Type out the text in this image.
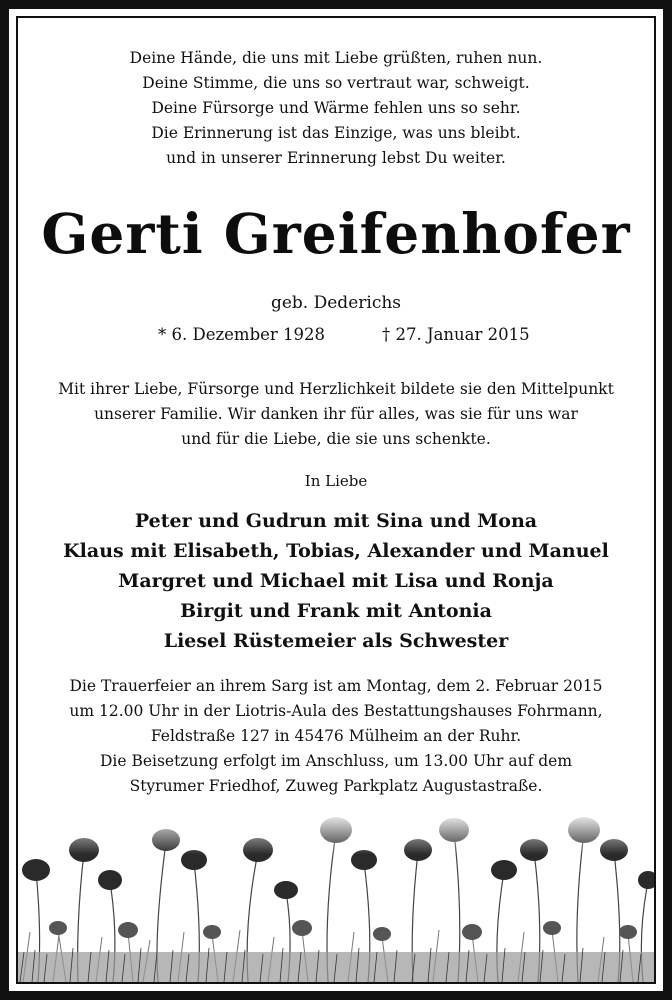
Deine Hände, die uns mit Liebe grüßten, ruhen nun.
Deine Stimme, die uns so vertraut war, schweigt.
Deine Fürsorge und Wärme fehlen uns so sehr.
Die Erinnerung ist das Einzige, was uns bleibt.
und in unserer Erinnerung lebst Du weiter.
Gerti Greifenhofer
geb. Dederichs
* 6. Dezember 1928	† 27. Januar 2015
Mit ihrer Liebe, Fürsorge und Herzlichkeit bildete sie den Mittelpunkt
unserer Familie. Wir danken ihr für alles, was sie für uns war
und für die Liebe, die sie uns schenkte.
In Liebe
Peter und Gudrun mit Sina und Mona
Klaus mit Elisabeth, Tobias, Alexander und Manuel
Margret und Michael mit Lisa und Ronja
Birgit und Frank mit Antonia
Liesel Rüstemeier als Schwester
Die Trauerfeier an ihrem Sarg ist am Montag, dem 2. Februar 2015
um 12.00 Uhr in der Liotris-Aula des Bestattungshauses Fohrmann,
Feldstraße 127 in 45476 Mülheim an der Ruhr.
Die Beisetzung erfolgt im Anschluss, um 13.00 Uhr auf dem
Styrumer Friedhof, Zuweg Parkplatz Augustastraße.
